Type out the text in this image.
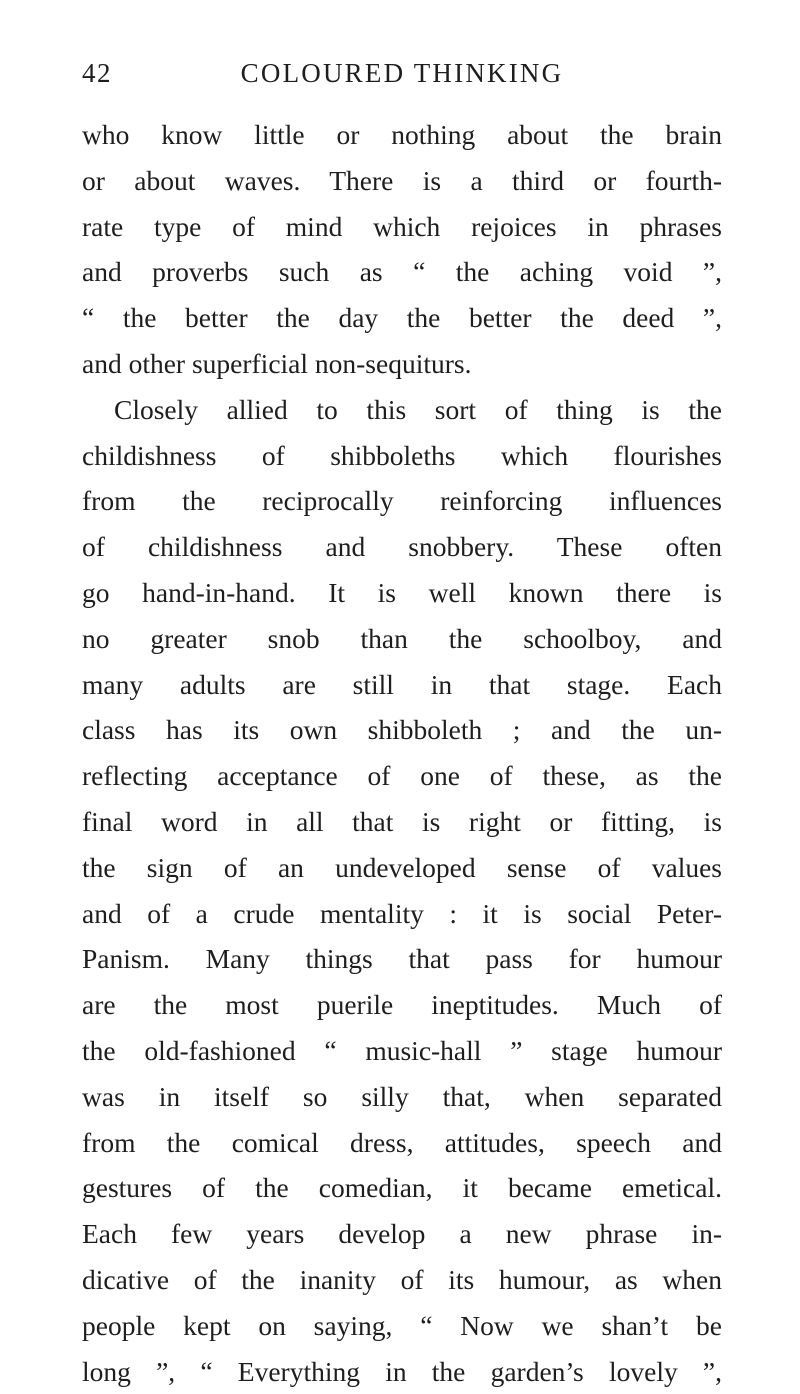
42	COLOURED THINKING
who know little or nothing about the brain
or about waves. There is a third or fourth-
rate type of mind which rejoices in phrases
and proverbs such as “ the aching void ”,
“ the better the day the better the deed ”,
and other superficial non-sequiturs.
Closely allied to this sort of thing is the
childishness of shibboleths which flourishes
from the reciprocally reinforcing influences
of childishness and snobbery. These often
go hand-in-hand. It is well known there is
no greater snob than the schoolboy, and
many adults are still in that stage. Each
class has its own shibboleth ; and the un-
reflecting acceptance of one of these, as the
final word in all that is right or fitting, is
the sign of an undeveloped sense of values
and of a crude mentality : it is social Peter-
Panism. Many things that pass for humour
are the most puerile ineptitudes. Much of
the old-fashioned “ music-hall ” stage humour
was in itself so silly that, when separated
from the comical dress, attitudes, speech and
gestures of the comedian, it became emetical.
Each few years develop a new phrase in-
dicative of the inanity of its humour, as when
people kept on saying, “ Now we shan’t be
long ”, “ Everything in the garden’s lovely ”,
